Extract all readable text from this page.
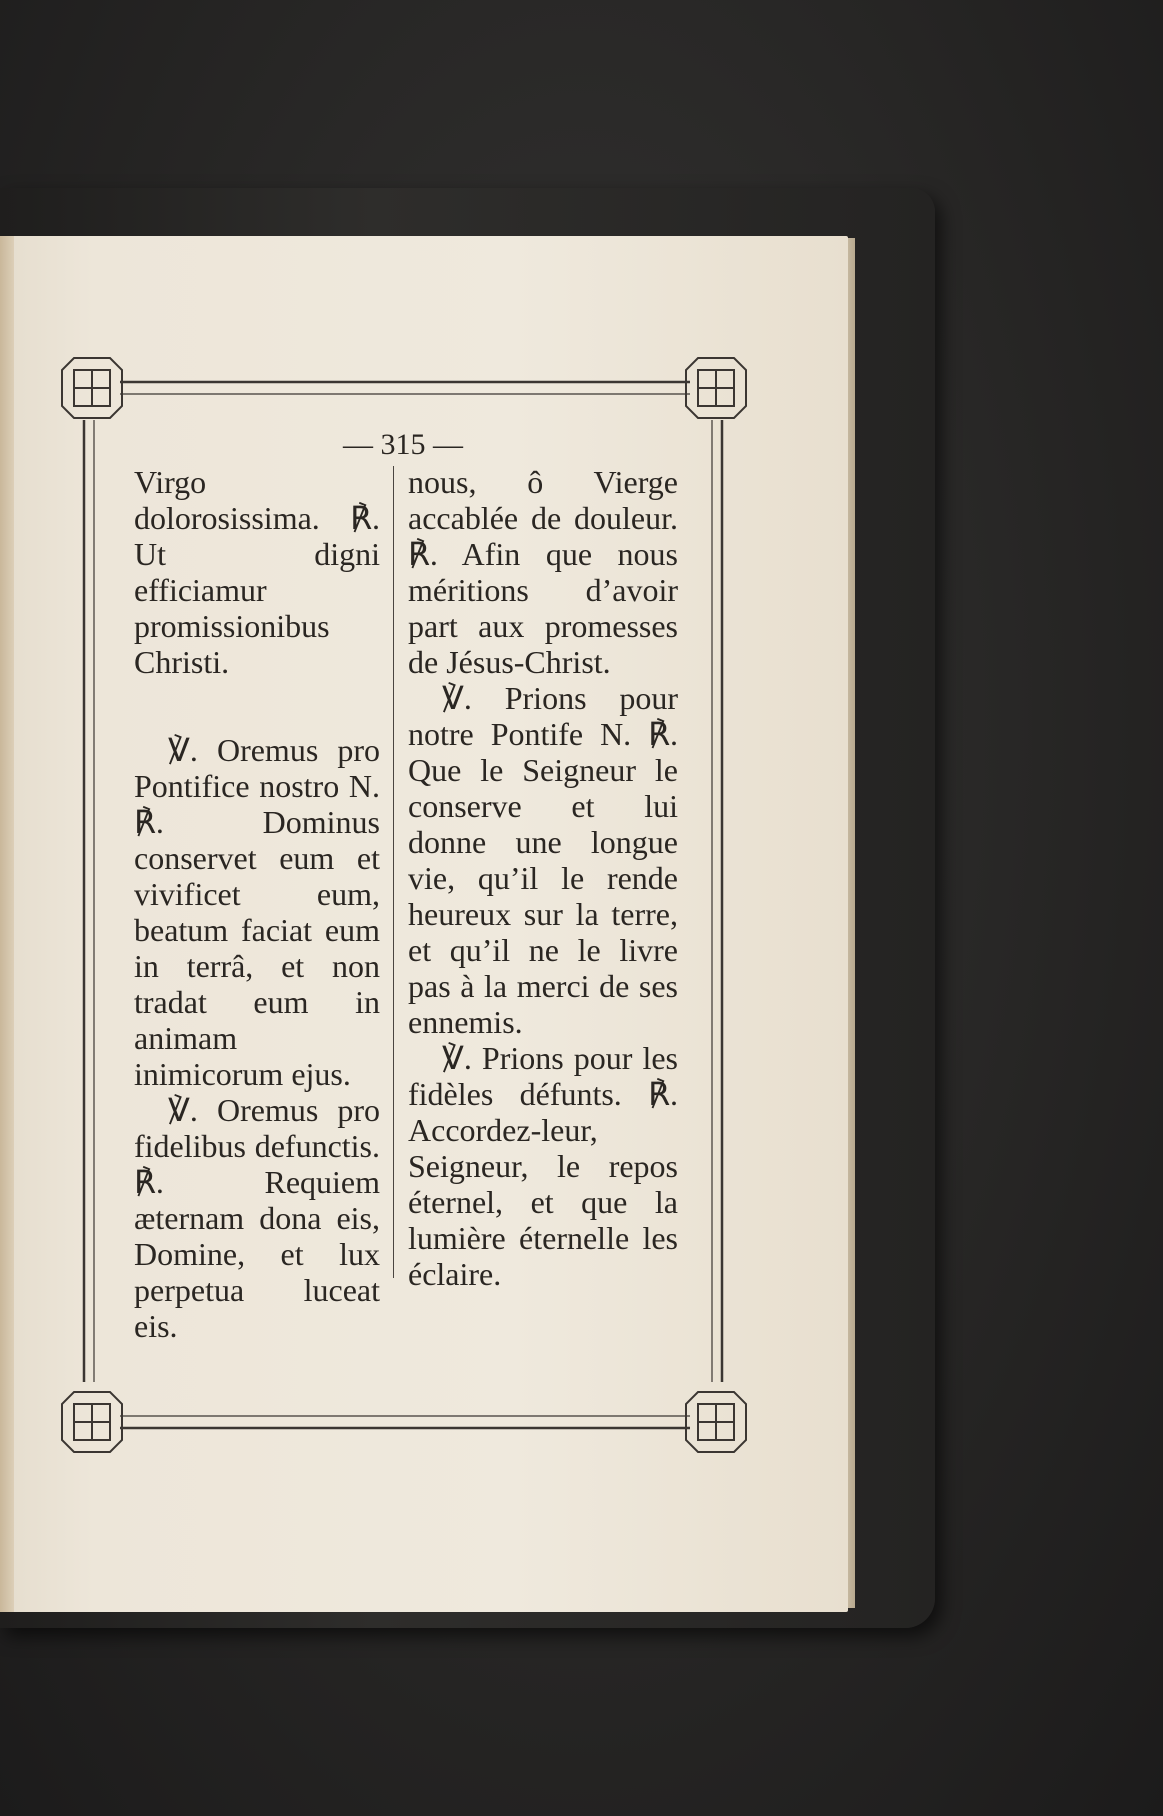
— 315 —

Virgo dolorosissima. ℟. Ut digni efficiamur promissionibus Christi.

℣. Oremus pro Pontifice nostro N. ℟. Dominus conservet eum et vivificet eum, beatum faciat eum in terrâ, et non tradat eum in animam inimicorum ejus.

℣. Oremus pro fidelibus defunctis. ℟. Requiem æternam dona eis, Domine, et lux perpetua luceat eis.

nous, ô Vierge accablée de douleur. ℟. Afin que nous méritions d’avoir part aux promesses de Jésus-Christ.

℣. Prions pour notre Pontife N. ℟. Que le Seigneur le conserve et lui donne une longue vie, qu’il le rende heureux sur la terre, et qu’il ne le livre pas à la merci de ses ennemis.

℣. Prions pour les fidèles défunts. ℟. Accordez-leur, Seigneur, le repos éternel, et que la lumière éternelle les éclaire.
